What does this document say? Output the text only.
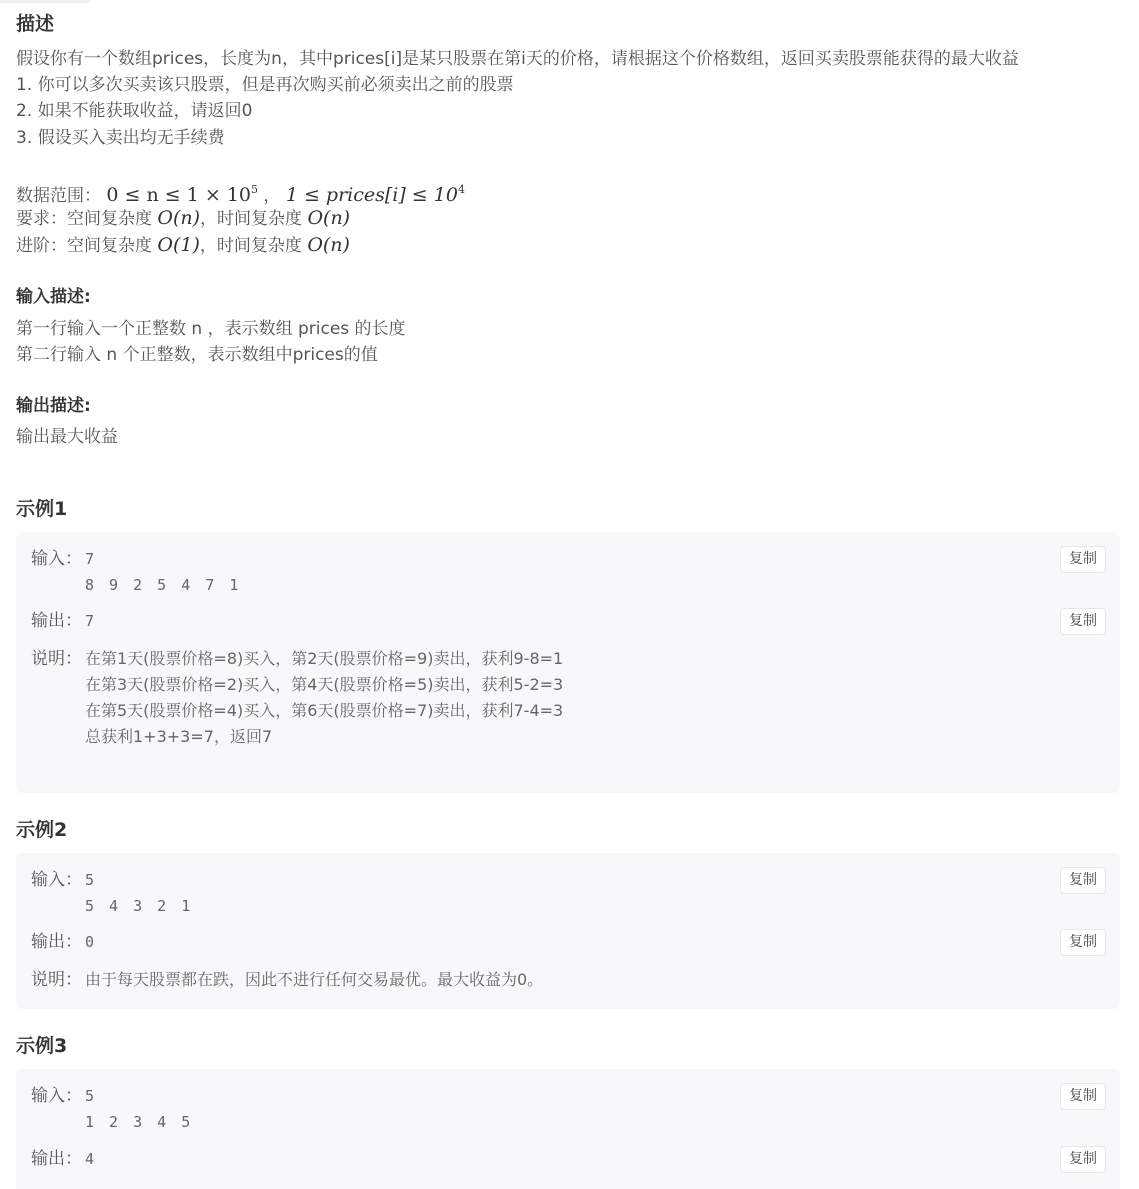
描述
假设你有一个数组prices，长度为n，其中prices[i]是某只股票在第i天的价格，请根据这个价格数组，返回买卖股票能获得的最大收益
1. 你可以多次买卖该只股票，但是再次购买前必须卖出之前的股票
2. 如果不能获取收益，请返回0
3. 假设买入卖出均无手续费
数据范围： $0 \le n \le 1 \times 10^5$ ， 1 ≤ prices[i] ≤ $10^4$
要求：空间复杂度 O(n)，时间复杂度 O(n)
进阶：空间复杂度 O(1)，时间复杂度 O(n)
输入描述:
第一行输入一个正整数 n ，表示数组 prices 的长度
第二行输入 n 个正整数，表示数组中prices的值
输出描述:
输出最大收益
示例1
输入： 7
8 9 2 5 4 7 1
复制
输出： 7	复制
说明： 在第1天(股票价格=8)买入，第2天(股票价格=9)卖出，获利9-8=1
在第3天(股票价格=2)买入，第4天(股票价格=5)卖出，获利5-2=3
在第5天(股票价格=4)买入，第6天(股票价格=7)卖出，获利7-4=3
总获利1+3+3=7，返回7
示例2
输入： 5
5 4 3 2 1
复制
输出： 0	复制
说明： 由于每天股票都在跌，因此不进行任何交易最优。最大收益为0。
示例3
输入： 5
1 2 3 4 5
复制
输出： 4	复制
